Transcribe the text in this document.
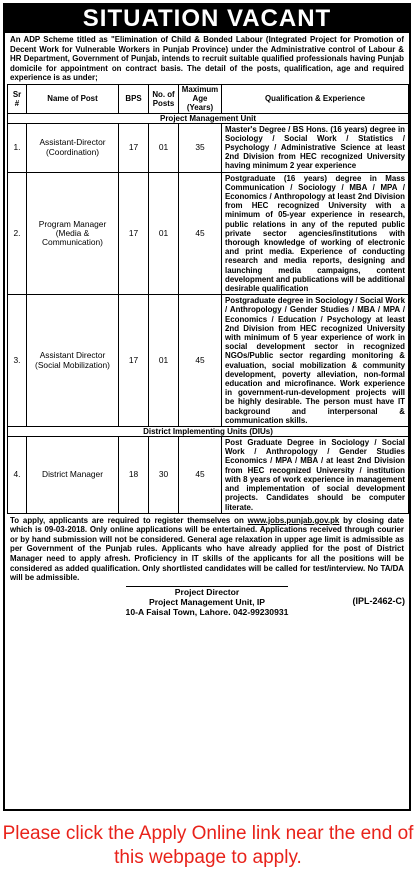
SITUATION VACANT
An ADP Scheme titled as "Elimination of Child & Bonded Labour (Integrated Project for Promotion of Decent Work for Vulnerable Workers in Punjab Province) under the Administrative control of Labour & HR Department, Government of Punjab, intends to recruit suitable qualified professionals having Punjab domicile for appointment on contract basis. The detail of the posts, qualification, age and required experience is as under;
Sr #	Name of Post	BPS	No. of Posts	Maximum Age (Years)	Qualification & Experience
Project Management Unit					
1.	Assistant-Director (Coordination)	17	01	35	Master's Degree / BS Hons. (16 years) degree in Sociology / Social Work / Statistics / Psychology / Administrative Science at least 2nd Division from HEC recognized University having minimum 2 year experience
2.	Program Manager (Media & Communication)	17	01	45	Postgraduate (16 years) degree in Mass Communication / Sociology / MBA / MPA / Economics / Anthropology at least 2nd Division from HEC recognized University with a minimum of 05-year experience in research, public relations in any of the reputed public private sector agencies/institutions with thorough knowledge of working of electronic and print media. Experience of conducting research and media reports, designing and launching media campaigns, content development and publications will be additional desirable qualification
3.	Assistant Director (Social Mobilization)	17	01	45	Postgraduate degree in Sociology / Social Work / Anthropology / Gender Studies / MBA / MPA / Economics / Education / Psychology at least 2nd Division from HEC recognized University with minimum of 5 year experience of work in social development sector in recognized NGOs/Public sector regarding monitoring & evaluation, social mobilization & community development, poverty alleviation, non-formal education and microfinance. Work experience in government-run-development projects will be highly desirable. The person must have IT background and interpersonal & communication skills.
District Implementing Units (DIUs)					
4.	District Manager	18	30	45	Post Graduate Degree in Sociology / Social Work / Anthropology / Gender Studies Economics / MPA / MBA / at least 2nd Division from HEC recognized University / institution with 8 years of work experience in management and implementation of social development projects. Candidates should be computer literate.
To apply, applicants are required to register themselves on www.jobs.punjab.gov.pk by closing date which is 09-03-2018. Only online applications will be entertained. Applications received through courier or by hand submission will not be considered. General age relaxation in upper age limit is admissible as per Government of the Punjab rules. Applicants who have already applied for the post of District Manager need to apply afresh. Proficiency in IT skills of the applicants for all the positions will be considered as added qualification. Only shortlisted candidates will be called for test/interview. No TA/DA will be admissible.
Project Director
Project Management Unit, IP
10-A Faisal Town, Lahore. 042-99230931
(IPL-2462-C)
Please click the Apply Online link near the end of this webpage to apply.
